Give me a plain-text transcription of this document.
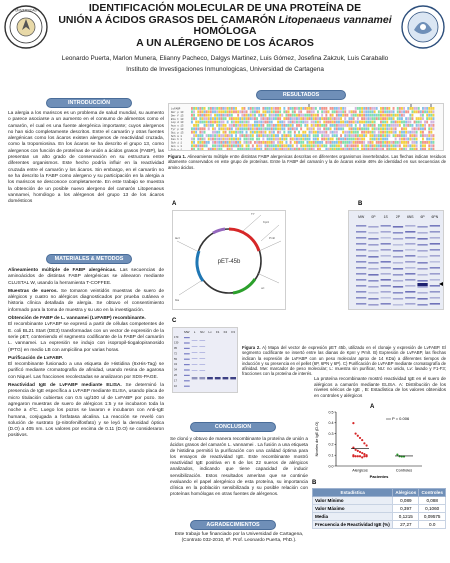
UNIVERSIDAD	IDENTIFICACIÓN MOLECULAR DE UNA PROTEÍNA DE
UNIÓN A ÁCIDOS GRASOS DEL CAMARÓN Litopenaeus vannamei HOMÓLOGA
A UN ALÉRGENO DE LOS ÁCAROS
Leonardo Puerta, Marlon Munera, Elianny Pacheco, Dalgys Martinez, Luis Gómez, Josefina Zakzuk, Luis Caraballo
Instituto de Investigaciones Inmunologicas, Universidad de Cartagena
INTRODUCCIÓN

La alergia a los mariscos es un problema de salud mundial, su aumento o parece asociarse a un aumento en el consumo de alimentos como el camarón, el cual es una fuente alergénica importante; cuyos alergenos no han sido completamente descritos. Entre el camarón y otras fuentes alergénicas como los ácaros existen alergenos de reactividad cruzada, como la tropomiosina. En los ácaros se ha descrito el grupo 13, como alergenos con función de proteínas de unión a ácidos grasos (FABP), las presentan un alto grado de conservación en su estructura entre diferentes organismos. Este hecho podría influir en la reactividad cruzada entre el camarón y los ácaros. Sin embargo, en el camarón no se ha descrito la FABP como alergeno y su participación en la alergia a los mariscos se desconoce completamente. En este trabajo se muestra la obtención de un posible nuevo alergeno del camarón Litopenaeus vannamei, homólogo a los alérgenos del grupo 13 de los ácaros domésticos

MATERIALES & METODOS

Alineamiento múltiple de FABP alergénicas. Las secuencias de aminoácidos de distintas FABP alergénicas se alinearon mediante CLUSTAL W, usando la herramienta T-COFFEE.

Muestras de sueros. Se tomaron veintidós muestras de suero de alérgicos y cuatro no alérgicos diagnosticados por prueba cutánea e historia clínica detallada de alergia. Se obtuvo el consentimiento informado para la toma de muestra y su uso en la investigación.

Obtención de FABP de L. vannamei (LvFABP) recombinante.
El recombinante LvFABP se expresó a partir de células competentes de E. coli BL21 Start (DE3) transformadas con un vector de expresión de la serie pET, conteniendo el segmento codificante de la FABP del camarón L. vannamei. La expresión se indujo con isopropil-tiogalopiranosido (IPTG) en medio LB con ampicilina por varias horas.

Purificación de LvFABP.
El recombinante fusionado a una etiqueta de Histidina (6xHis-Tag) se purificó mediante cromatografía de afinidad, usando resina de agarosa con Niquel. Las fracciones recolectadas se analizaron por SDS-PAGE.

Reactividad IgE de LvFABP mediante ELISA. Se determinó la presencia de IgE específica a LvFABP mediante ELISA, usando placa de micro titulación cubiertas con 0.5 ug/100 ul de LvFABP por pozo. Se agregaron muestras de suero de alérgicos 1:5 y se incubaron toda la noche a 4ºC. Luego los pozos se lavaron e incubaron con Anti-IgE humana, conjugada a fosfatasa alcalina. La reacción se reveló con solución de sustrato (p-nitrofenilfosfato) y se leyó la densidad óptica (D.O) a 405 nm. Los valores por encima de 0.11 (D.O) se consideraron positivos.

RESULTADOS
LvFABP
Der p 13
Der f 13
Blo t 13
Lep d 13
Aca s 13
Tyr p 13
Sui p 13
Sch m 1
Fas h 1
Sch j 1
Ani s 1
Ech g 1
Figura 1. Alineamiento múltiple entre distintas FABP alergenicas descritas en diferentes organismos invertebrados. Las flechas indican residuos altamente conservados en este grupo de proteínas. Entre la FABP del camarón y la de ácaros existe 46% de identidad en sus secuencias de amino ácidos.
A
pET-45b
KpnI
PmlI
ori
lacI
bla
T7
B
MW 0P 1S 2P 6NS 6P 6PN
C
MW L NU Lv F1 F2 F3
170
130
95
72
55
43
34
26
17
10
Figura 2. A) Mapa del vector de expresión pET 45b, utilizado en el clonaje y expresión de LvFABP. El segmento codificante se insertó entre las dianas de KpnI y PmlI. B) Expresión de LvFABP, las flechas indican la expresión de LvFABP con un peso molecular aprox de 14 KDa) a diferentes tiempos de inducción y su presencia en el pellet (6P, 6PN y 6P). C) Purificación de LvFABP mediante cromatografía de afinidad. Mw: marcador de peso molecular; L: muestra sin purificar, NU: no unido, Lv: lavado y F1-F3; fracciones con la proteína de interés.
La proteína recombinante mostró reactividad IgE en el suero de alérgicos a camarón mediante ELISA. A: Distribución de los niveles séricos de IgE , B: Estadística de los valores obtenidos en controles y alérgicos
A
0.0
0.1
0.2
0.3
0.4
0.5
Niveles de IgE (D.O)
Pacientes
P = 0.006
Alergicos	Controles
B
Estadística	Alérgicos	Controles
Valor Mínimo	0,089	0,088
Valor Máximo	0,397	0,1060
Media	0,1215	0,09575
Frecuencia de Reactividad IgE (%)	27,27	0.0
CONCLUSION
Se clonó y obtuvo de manera recombinante la proteína de unión a ácidos grasos del camarón L. vannamei . La fusión a una etiqueta de histidina permitió la purificación con una calidad óptima para los ensayos de reactividad IgE. Este recombinante mostró reactividad IgE positiva en 6 de los 22 sueros de alérgicos analizados, indicando que tiene capacidad de inducir sensibilización. Estos resultados ameritan que se continúe evaluando el papel alergénico de esta proteína, su importancia clínica en la población sensibilizada y su posible relación con proteínas homólogas en otras fuentes de alérgenos.
AGRADECIMIENTOS
Este trabajo fue financiado por la Universidad de Cartagena,
(Contrato 032-2010, 8ª. Prof. Leonardo Puerta, PhD.).
